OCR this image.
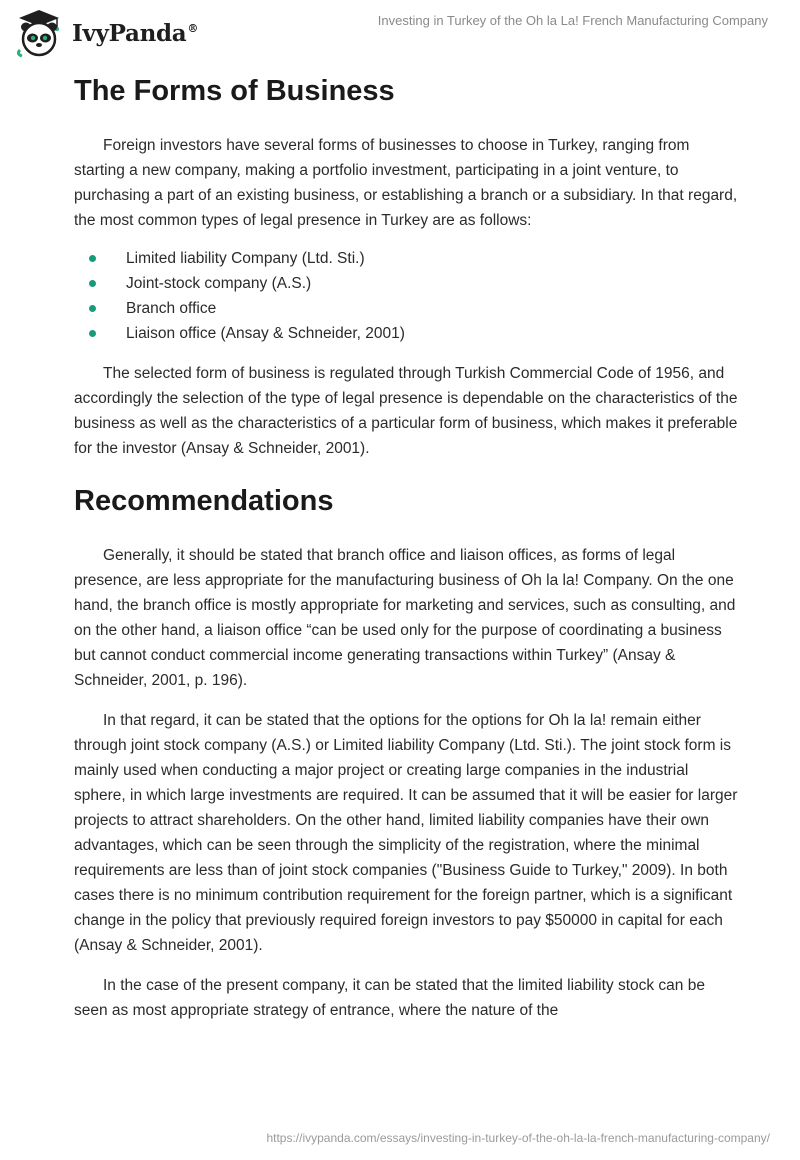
IvyPanda®
Investing in Turkey of the Oh la La! French Manufacturing Company
The Forms of Business

Foreign investors have several forms of businesses to choose in Turkey, ranging from starting a new company, making a portfolio investment, participating in a joint venture, to purchasing a part of an existing business, or establishing a branch or a subsidiary. In that regard, the most common types of legal presence in Turkey are as follows:

Limited liability Company (Ltd. Sti.)
Joint-stock company (A.S.)
Branch office
Liaison office (Ansay & Schneider, 2001)

The selected form of business is regulated through Turkish Commercial Code of 1956, and accordingly the selection of the type of legal presence is dependable on the characteristics of the business as well as the characteristics of a particular form of business, which makes it preferable for the investor (Ansay & Schneider, 2001).

Recommendations

Generally, it should be stated that branch office and liaison offices, as forms of legal presence, are less appropriate for the manufacturing business of Oh la la! Company. On the one hand, the branch office is mostly appropriate for marketing and services, such as consulting, and on the other hand, a liaison office “can be used only for the purpose of coordinating a business but cannot conduct commercial income generating transactions within Turkey” (Ansay & Schneider, 2001, p. 196).

In that regard, it can be stated that the options for the options for Oh la la! remain either through joint stock company (A.S.) or Limited liability Company (Ltd. Sti.). The joint stock form is mainly used when conducting a major project or creating large companies in the industrial sphere, in which large investments are required. It can be assumed that it will be easier for larger projects to attract shareholders. On the other hand, limited liability companies have their own advantages, which can be seen through the simplicity of the registration, where the minimal requirements are less than of joint stock companies ("Business Guide to Turkey," 2009). In both cases there is no minimum contribution requirement for the foreign partner, which is a significant change in the policy that previously required foreign investors to pay $50000 in capital for each (Ansay & Schneider, 2001).

In the case of the present company, it can be stated that the limited liability stock can be seen as most appropriate strategy of entrance, where the nature of the

https://ivypanda.com/essays/investing-in-turkey-of-the-oh-la-la-french-manufacturing-company/
